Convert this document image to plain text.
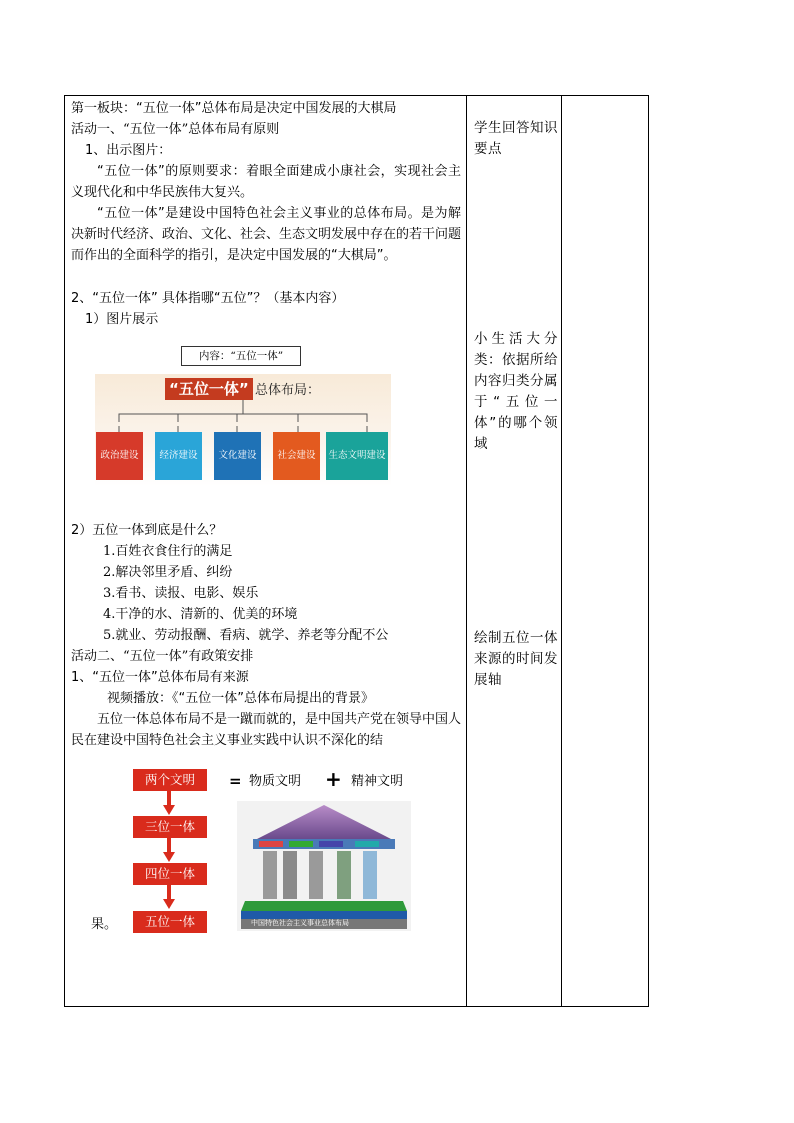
第一板块：“五位一体”总体布局是决定中国发展的大棋局
活动一、“五位一体”总体布局有原则
1、出示图片：
“五位一体”的原则要求：着眼全面建成小康社会，实现社会主义现代化和中华民族伟大复兴。
“五位一体”是建设中国特色社会主义事业的总体布局。是为解决新时代经济、政治、文化、社会、生态文明发展中存在的若干问题而作出的全面科学的指引，是决定中国发展的“大棋局”。
2、“五位一体” 具体指哪“五位”？（基本内容）
1）图片展示
内容：“五位一体”
“五位一体” 总体布局：
政治建设	经济建设	文化建设	社会建设	生态文明建设
2）五位一体到底是什么？
1.百姓衣食住行的满足
2.解决邻里矛盾、纠纷
3.看书、读报、电影、娱乐
4.干净的水、清新的、优美的环境
5.就业、劳动报酬、看病、就学、养老等分配不公
活动二、“五位一体”有政策安排
1、“五位一体”总体布局有来源
视频播放：《“五位一体”总体布局提出的背景》
五位一体总体布局不是一蹴而就的，是中国共产党在领导中国人民在建设中国特色社会主义事业实践中认识不深化的结
果。
两个文明
三位一体
四位一体
五位一体
= 物质文明 + 精神文明
中国特色社会主义事业总体布局
学生回答知识要点
小生活大分类：依据所给内容归类分属于“五位一体”的哪个领域
绘制五位一体来源的时间发展轴
